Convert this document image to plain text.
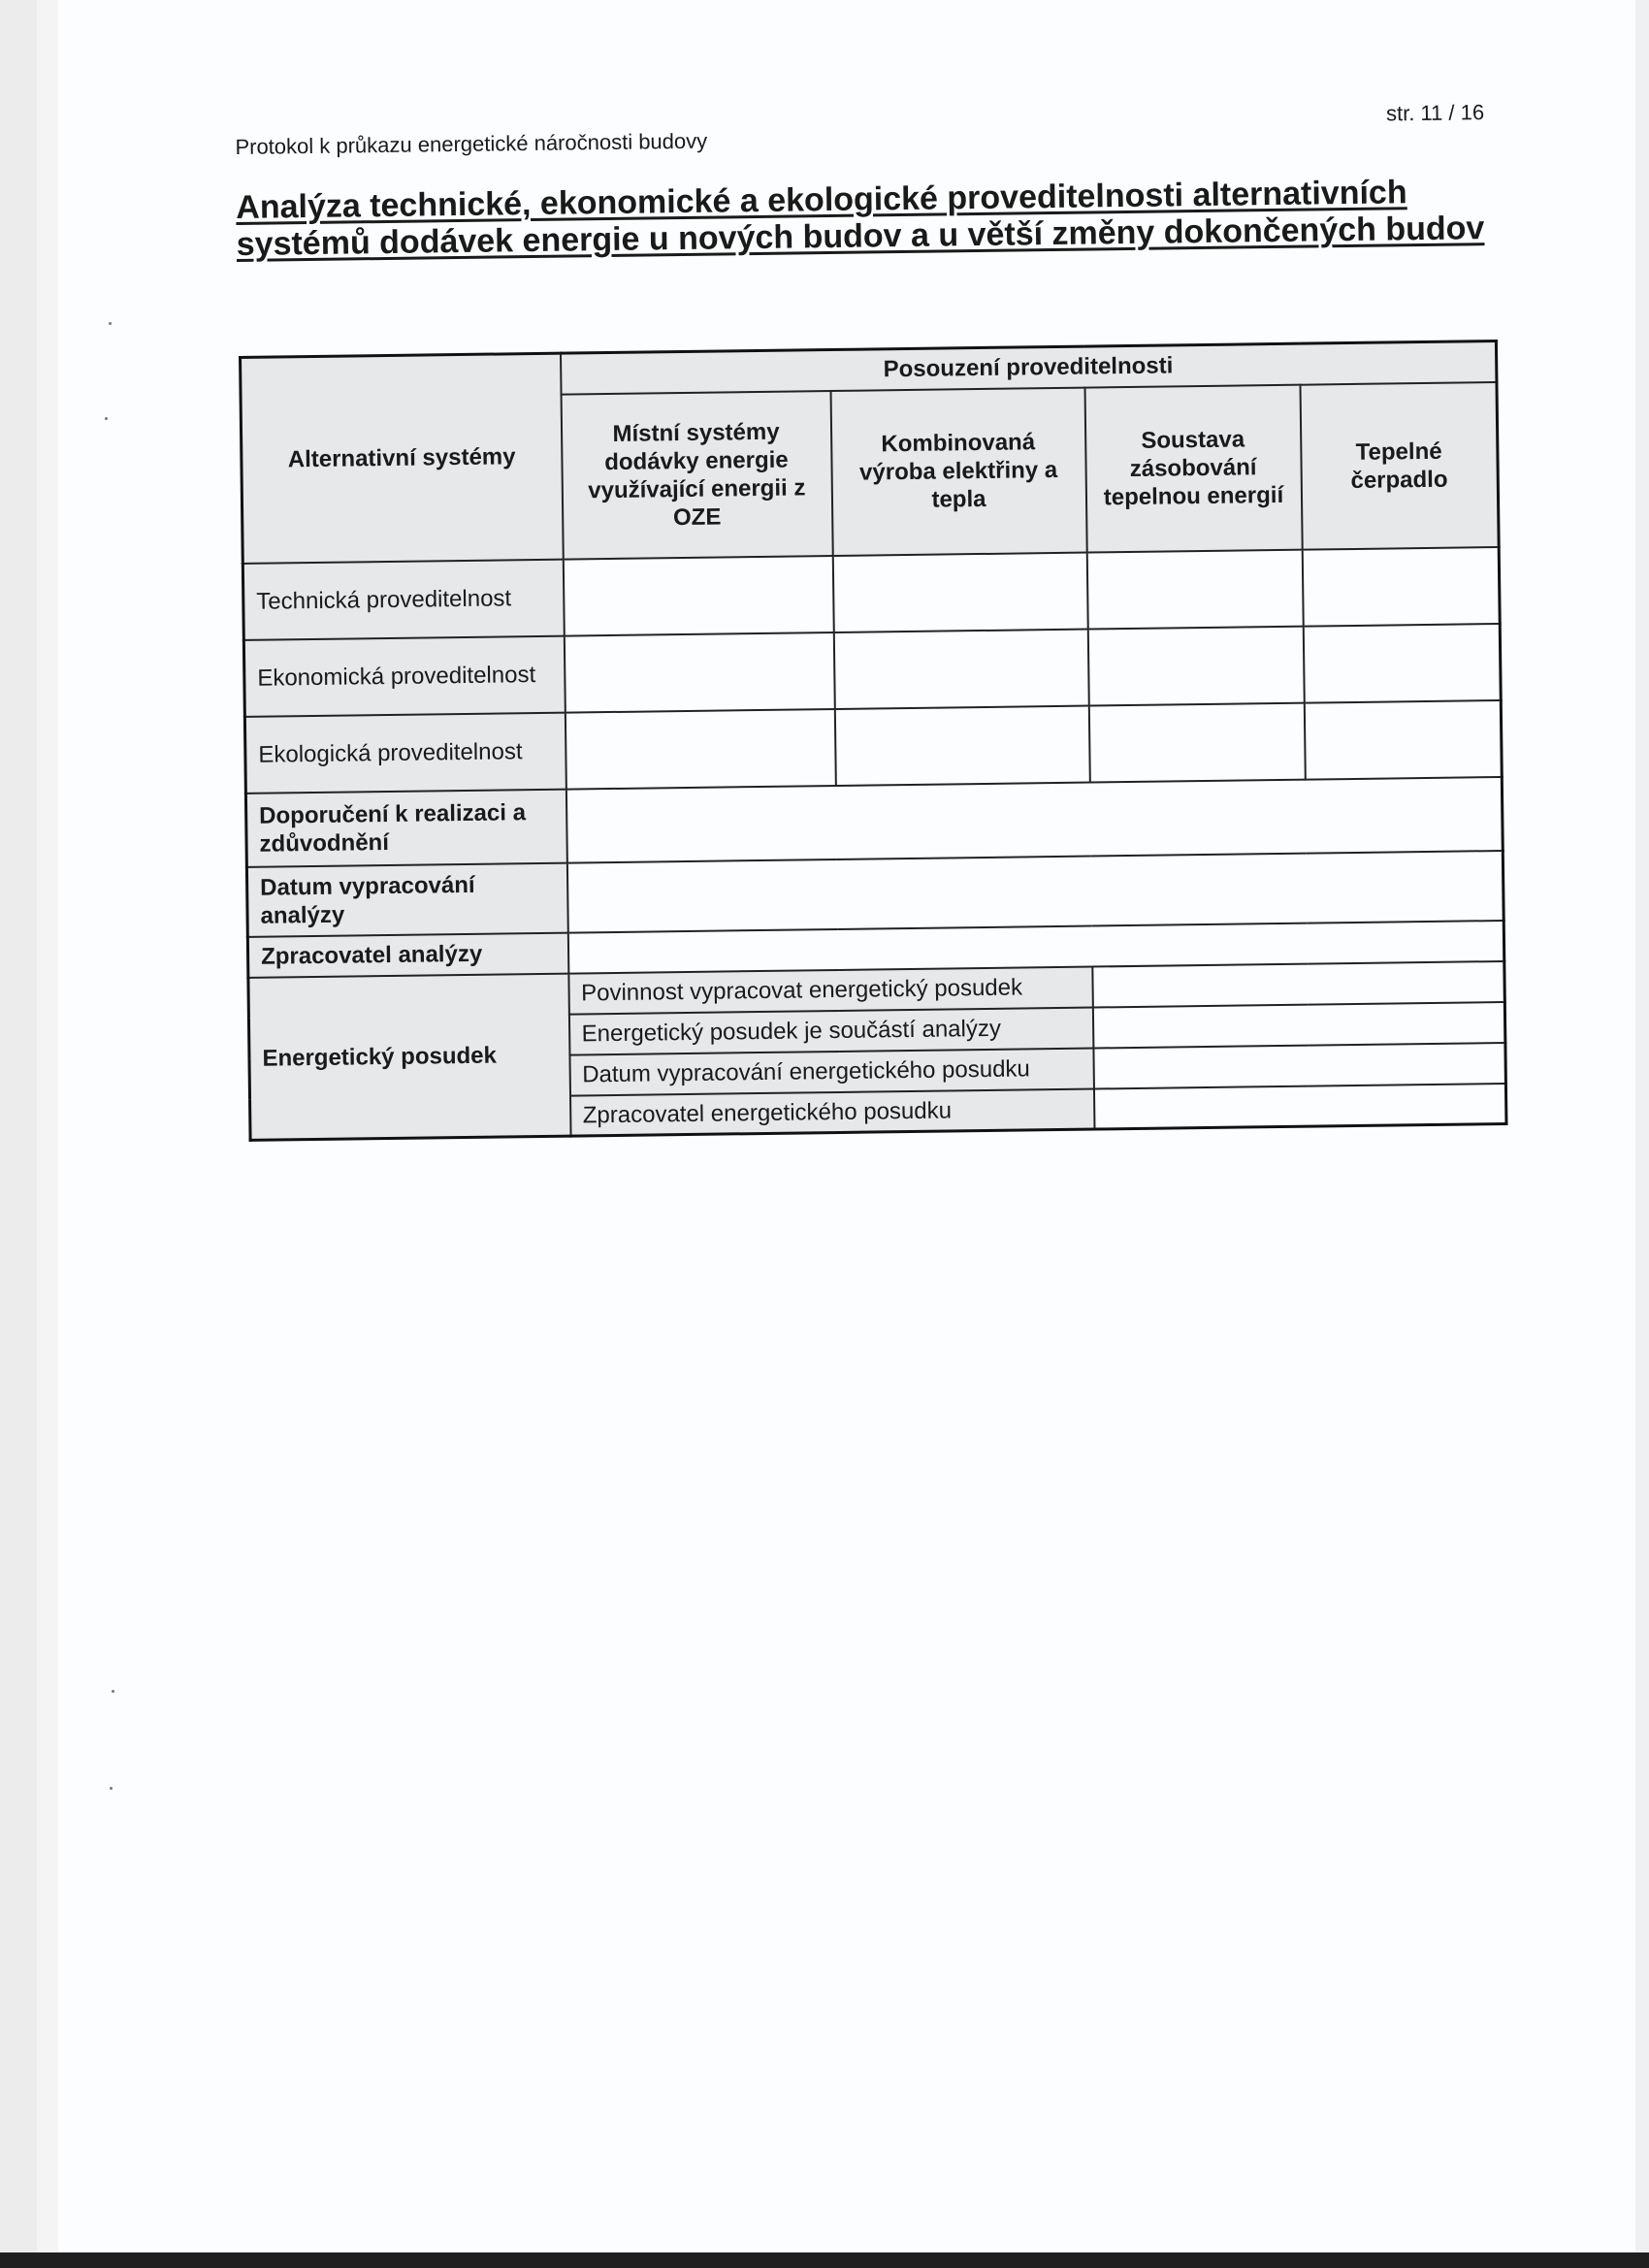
Protokol k průkazu energetické náročnosti budovy
str. 11 / 16
Analýza technické, ekonomické a ekologické proveditelnosti alternativních systémů dodávek energie u nových budov a u větší změny dokončených budov
Alternativní systémy	Posouzení proveditelnosti			
	Místní systémy dodávky energie využívající energii z OZE	Kombinovaná výroba elektřiny a tepla	Soustava zásobování tepelnou energií	Tepelné čerpadlo
Technická proveditelnost				
Ekonomická proveditelnost				
Ekologická proveditelnost				
Doporučení k realizaci a zdůvodnění				
Datum vypracování analýzy				
Zpracovatel analýzy				
Energetický posudek	Povinnost vypracovat energetický posudek			
	Energetický posudek je součástí analýzy			
	Datum vypracování energetického posudku			
	Zpracovatel energetického posudku			
